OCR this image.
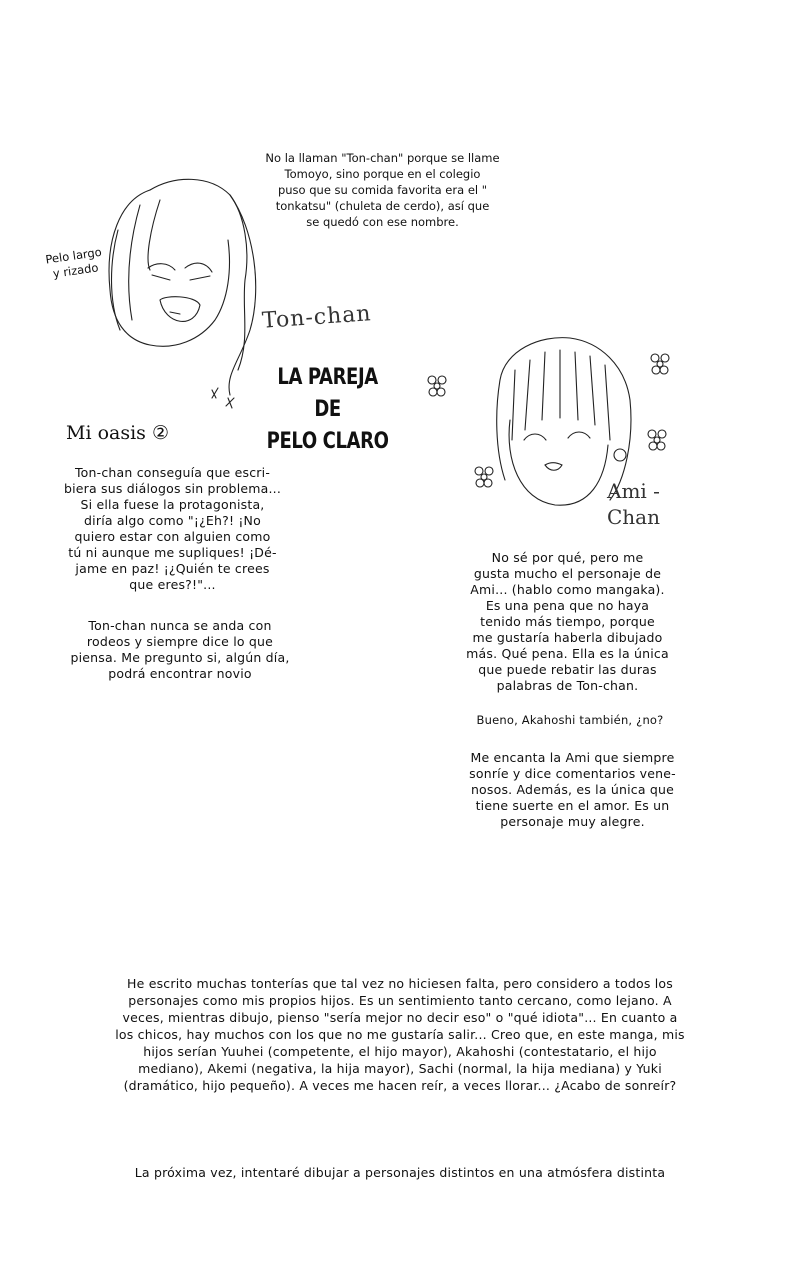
No la llaman "Ton-chan" porque se llame
Tomoyo, sino porque en el colegio
puso que su comida favorita era el "
tonkatsu" (chuleta de cerdo), así que
se quedó con ese nombre.
Pelo largo
y rizado
Ton-chan
LA PAREJA DE
PELO CLARO
Mi oasis ②
Ton-chan conseguía que escri-
biera sus diálogos sin problema...
Si ella fuese la protagonista,
diría algo como "¡¿Eh?! ¡No
quiero estar con alguien como
tú ni aunque me supliques! ¡Dé-
jame en paz! ¡¿Quién te crees
que eres?!"...
Ton-chan nunca se anda con
rodeos y siempre dice lo que
piensa. Me pregunto si, algún día,
podrá encontrar novio
Ami -
Chan
No sé por qué, pero me
gusta mucho el personaje de
Ami... (hablo como mangaka).
Es una pena que no haya
tenido más tiempo, porque
me gustaría haberla dibujado
más. Qué pena. Ella es la única
que puede rebatir las duras
palabras de Ton-chan.
Bueno, Akahoshi también, ¿no?
Me encanta la Ami que siempre
sonríe y dice comentarios vene-
nosos. Además, es la única que
tiene suerte en el amor. Es un
personaje muy alegre.
He escrito muchas tonterías que tal vez no hiciesen falta, pero considero a todos los
personajes como mis propios hijos. Es un sentimiento tanto cercano, como lejano. A
veces, mientras dibujo, pienso "sería mejor no decir eso" o "qué idiota"... En cuanto a
los chicos, hay muchos con los que no me gustaría salir... Creo que, en este manga, mis
hijos serían Yuuhei (competente, el hijo mayor), Akahoshi (contestatario, el hijo
mediano), Akemi (negativa, la hija mayor), Sachi (normal, la hija mediana) y Yuki
(dramático, hijo pequeño). A veces me hacen reír, a veces llorar... ¿Acabo de sonreír?
La próxima vez, intentaré dibujar a personajes distintos en una atmósfera distinta
